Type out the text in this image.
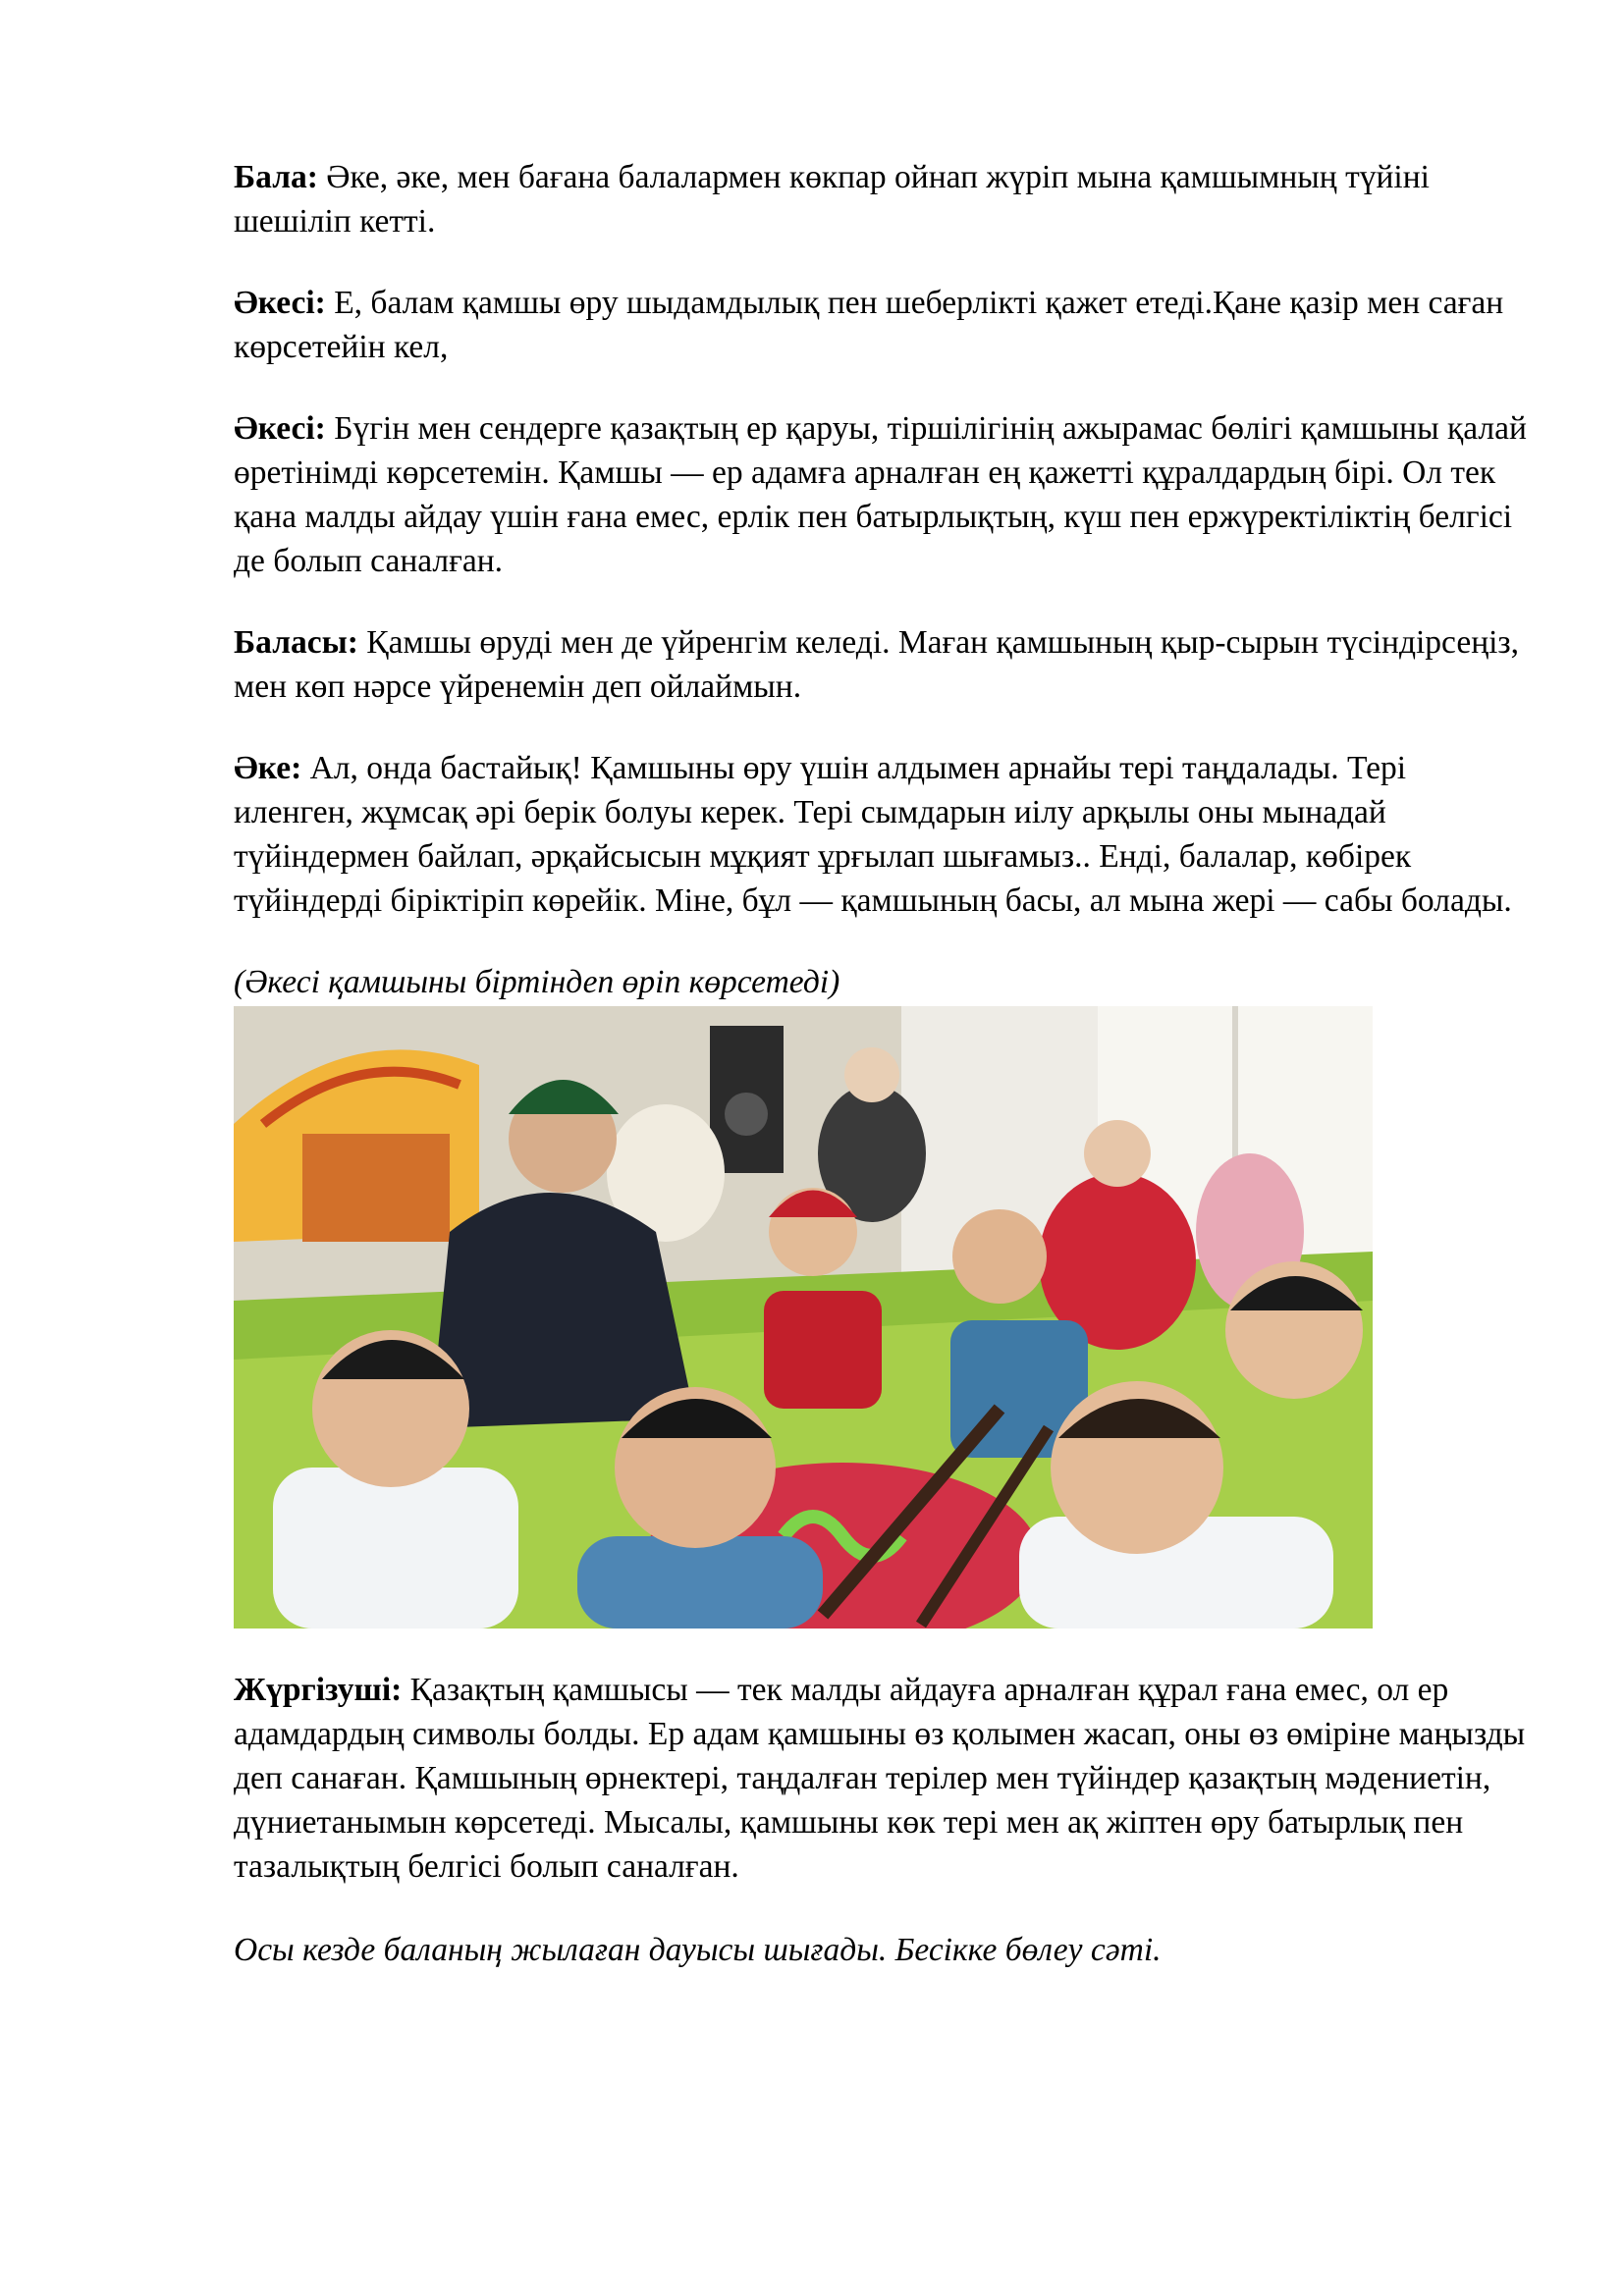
Бала: Әке, әке, мен бағана балалармен көкпар ойнап жүріп мына қамшымның түйіні шешіліп кетті.

Әкесі: Е, балам қамшы өру шыдамдылық пен шеберлікті қажет етеді.Қане қазір мен саған көрсетейін кел,

Әкесі: Бүгін мен сендерге қазақтың ер қаруы, тіршілігінің ажырамас бөлігі қамшыны қалай өретінімді көрсетемін. Қамшы — ер адамға арналған ең қажетті құралдардың бірі. Ол тек қана малды айдау үшін ғана емес, ерлік пен батырлықтың, күш пен ержүректіліктің белгісі де болып саналған.

Баласы: Қамшы өруді мен де үйренгім келеді. Маған қамшының қыр-сырын түсіндірсеңіз, мен көп нәрсе үйренемін деп ойлаймын.

Әке: Ал, онда бастайық! Қамшыны өру үшін алдымен арнайы тері таңдалады. Тері иленген, жұмсақ әрі берік болуы керек. Тері сымдарын иілу арқылы оны мынадай түйіндермен байлап, әрқайсысын мұқият ұрғылап шығамыз.. Енді, балалар, көбірек түйіндерді біріктіріп көрейік. Міне, бұл — қамшының басы, ал мына жері — сабы болады.

(Әкесі қамшыны біртіндеп өріп көрсетеді)

Жүргізуші: Қазақтың қамшысы — тек малды айдауға арналған құрал ғана емес, ол ер адамдардың символы болды. Ер адам қамшыны өз қолымен жасап, оны өз өміріне маңызды деп санаған. Қамшының өрнектері, таңдалған терілер мен түйіндер қазақтың мәдениетін, дүниетанымын көрсетеді. Мысалы, қамшыны көк тері мен ақ жіптен өру батырлық пен тазалықтың белгісі болып саналған.

Осы кезде баланың жылаған дауысы шығады. Бесікке бөлеу сәті.
